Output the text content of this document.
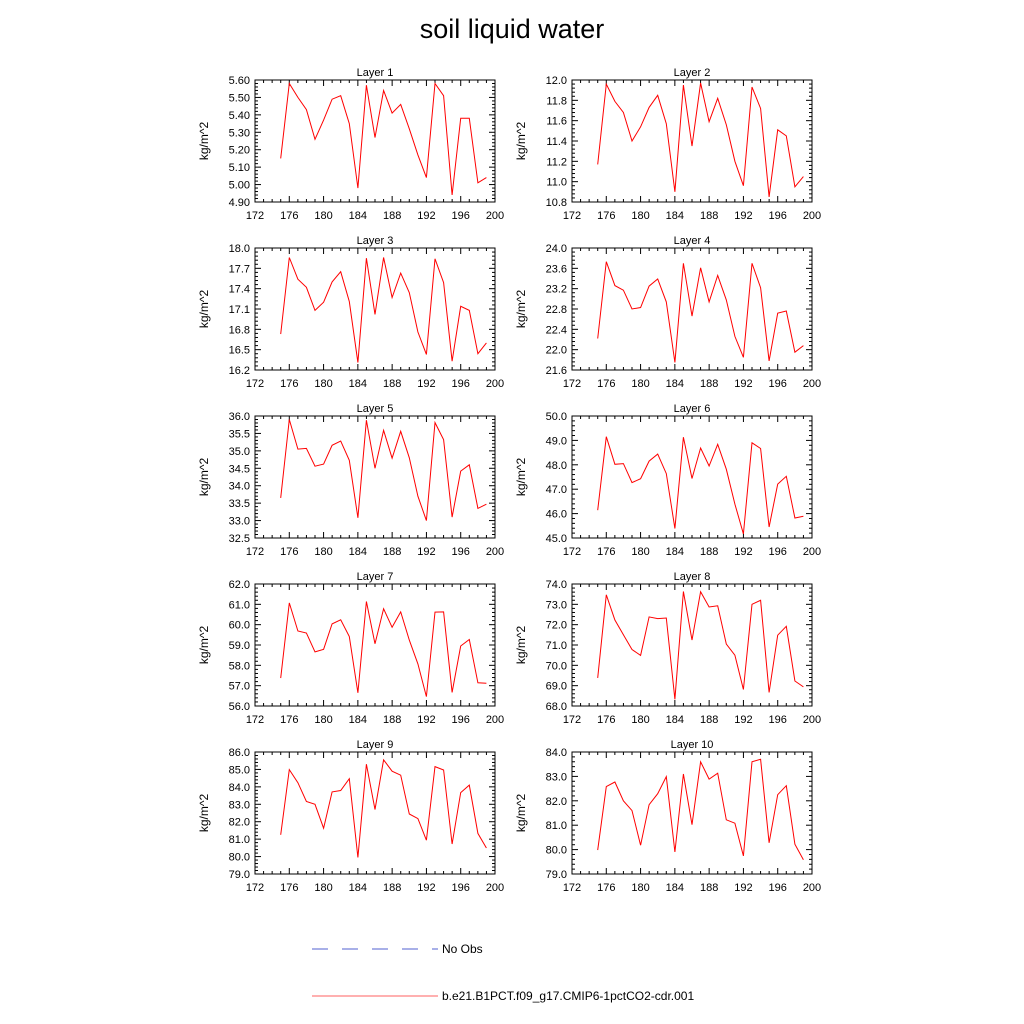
soil liquid water
Layer 1
kg/m^2
172 176 180 184 188 192 196 200
4.90
5.00
5.10
5.20
5.30
5.40
5.50
5.60
Layer 2
kg/m^2
172 176 180 184 188 192 196 200
10.8
11.0
11.2
11.4
11.6
11.8
12.0
Layer 3
kg/m^2
172 176 180 184 188 192 196 200
16.2
16.5
16.8
17.1
17.4
17.7
18.0
Layer 4
kg/m^2
172 176 180 184 188 192 196 200
21.6
22.0
22.4
22.8
23.2
23.6
24.0
Layer 5
kg/m^2
172 176 180 184 188 192 196 200
32.5
33.0
33.5
34.0
34.5
35.0
35.5
36.0
Layer 6
kg/m^2
172 176 180 184 188 192 196 200
45.0
46.0
47.0
48.0
49.0
50.0
Layer 7
kg/m^2
172 176 180 184 188 192 196 200
56.0
57.0
58.0
59.0
60.0
61.0
62.0
Layer 8
kg/m^2
172 176 180 184 188 192 196 200
68.0
69.0
70.0
71.0
72.0
73.0
74.0
Layer 9
kg/m^2
172 176 180 184 188 192 196 200
79.0
80.0
81.0
82.0
83.0
84.0
85.0
86.0
Layer 10
kg/m^2
172 176 180 184 188 192 196 200
79.0
80.0
81.0
82.0
83.0
84.0
No Obs
b.e21.B1PCT.f09_g17.CMIP6-1pctCO2-cdr.001
